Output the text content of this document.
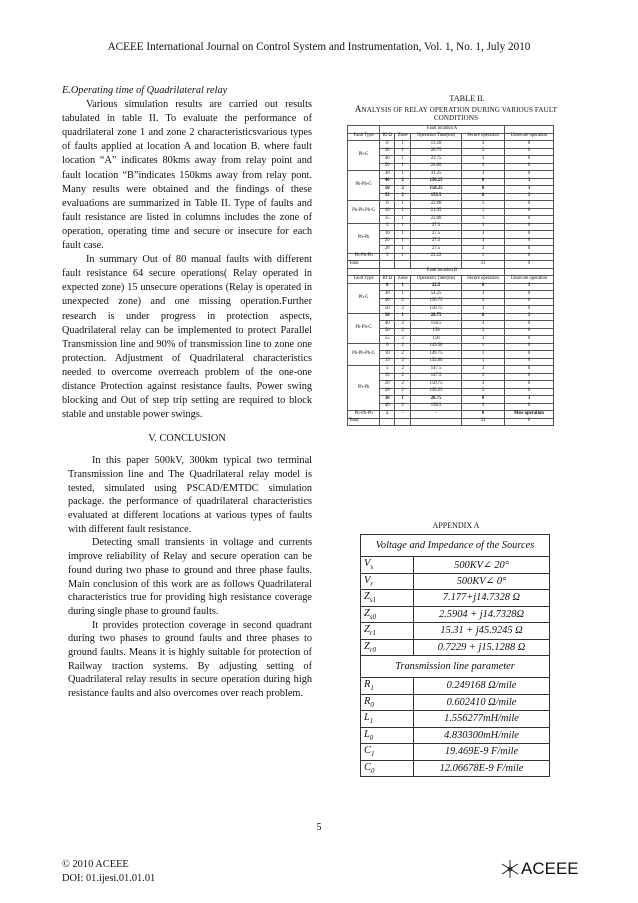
ACEEE International Journal on Control System and Instrumentation, Vol. 1, No. 1, July 2010

E.Operating time of Quadrilateral relay

Various simulation results are carried out results tabulated in table II. To evaluate the performance of quadrilateral zone 1 and zone 2 characteristicsvarious types of faults applied at location A and location B. where fault location “A” indicates 80kms away from relay point and fault location “B”indicates 150kms away from relay pont. Many results were obtained and the findings of these evaluations are summarized in Table II. Type of faults and fault resistance are listed in columns includes the zone of operation, operating time and secure or insecure for each fault case.

In summary Out of 80 manual faults with different fault resistance 64 secure operations( Relay operated in expected zone) 15 unsecure operations (Relay is operated in unexpected zone) and one missing operation.Further research is under progress in protection aspects, Quadrilateral relay can be implemented to protect Parallel Transmission line and 90% of transmission line to zone one protection. Adjustment of Quadrilateral characteristics needed to overcome overreach problem of the one-one distance Protection against resistance faults. Power swing blocking and Out of step trip setting are required to block stable and unstable power swings.

V. CONCLUSION

In this paper 500kV, 300km typical two terminal Transmission line and The Quadrilateral relay model is tested, simulated using PSCAD/EMTDC simulation package. the performance of quadrilateral characteristics evaluated at different locations at various types of faults with different fault resistance.

Detecting small transients in voltage and currents improve reliability of Relay and secure operation can be found during two phase to ground and three phase faults. Main conclusion of this work are as follows Quadrilateral characteristics true for providing high resistance coverage during single phase to ground faults.

It provides protection coverage in second quadrant during two phases to ground faults and three phases to ground faults. Means it is highly suitable for protection of Railway traction systems. By adjusting setting of Quadrilateral relay results in secure operation during high resistance faults and also overcomes over reach problem.

TABLE II.
ANALYSIS OF RELAY OPERATION DURING VARIOUS FAULT CONDITIONS
	Fault location A				
Fault Type	Rf Ω	Zone	Operation Time(ms)	Secure operation	Unsecure operation
Ph-G	0	1	13.50	3	0
	30	1	20.75	3	0
	40	1	23.75	3	0
	50	1	24.00	3	0
Ph-Ph-G	30	1	31.25	3	0
	40	2	150.25	0	3
	50	2	150.25	0	3
	55	2	155.5	0	3
Ph-Ph-Ph-G	0	1	22.00	1	0
	10	1	21.95	1	0
	15	1	22.00	1	0
Ph-Ph	5	1	27.5	3	0
	10	1	27.5	3	0
	20	1	27.5	3	0
	28	1	27.5	3	0
Ph-Ph-Ph	5	1	22.22	1	0
Total				31	9
	Fault location B				
Fault Type	Rf Ω	Zone	Operation Time(ms)	Secure operation	Unsecure operation
Ph-G	0	1	22.5	0	3
	30	1	54.25	3	0
	40	2	150.75	3	0
	50	2	150.75	3	0
Ph-Ph-G	30	1	28.75	0	3
	40	2	158.5	3	0
	50	2	158	3	0
	55	2	158	3	0
Ph-Ph-Ph-G	0	2	149.50	1	0
	10	2	149.75	1	0
	15	2	152.00	1	0
Ph-Ph	5	2	147.5	3	0
	15	2	147.5	3	0
	20	2	150.75	3	0
	28	2	150.25	3	0
	30	1	28.75	0	3
	40	2	158.5	3	0
Ph-Ph-Ph	5	-	-	0	Miss operation
Total				33	6
APPENDIX A
Voltage and Impedance of the Sources	
$V_s$	500KV∠ 20°
$V_r$	500KV∠ 0°
$Z_{s1}$	7.177+j14.7328 Ω
$Z_{s0}$	2.5904 + j14.7328Ω
$Z_{r1}$	15.31 + j45.9245 Ω
$Z_{r0}$	0.7229 + j15.1288 Ω
Transmission line parameter	
$R_1$	0.249168 Ω/mile
$R_0$	0.602410 Ω/mile
$L_1$	1.556277mH/mile
$L_0$	4.830300mH/mile
$C_1$	19.469E-9 F/mile
$C_0$	12.06678E-9 F/mile
5
© 2010 ACEEE
DOI: 01.ijesi.01.01.01
ACEEE
